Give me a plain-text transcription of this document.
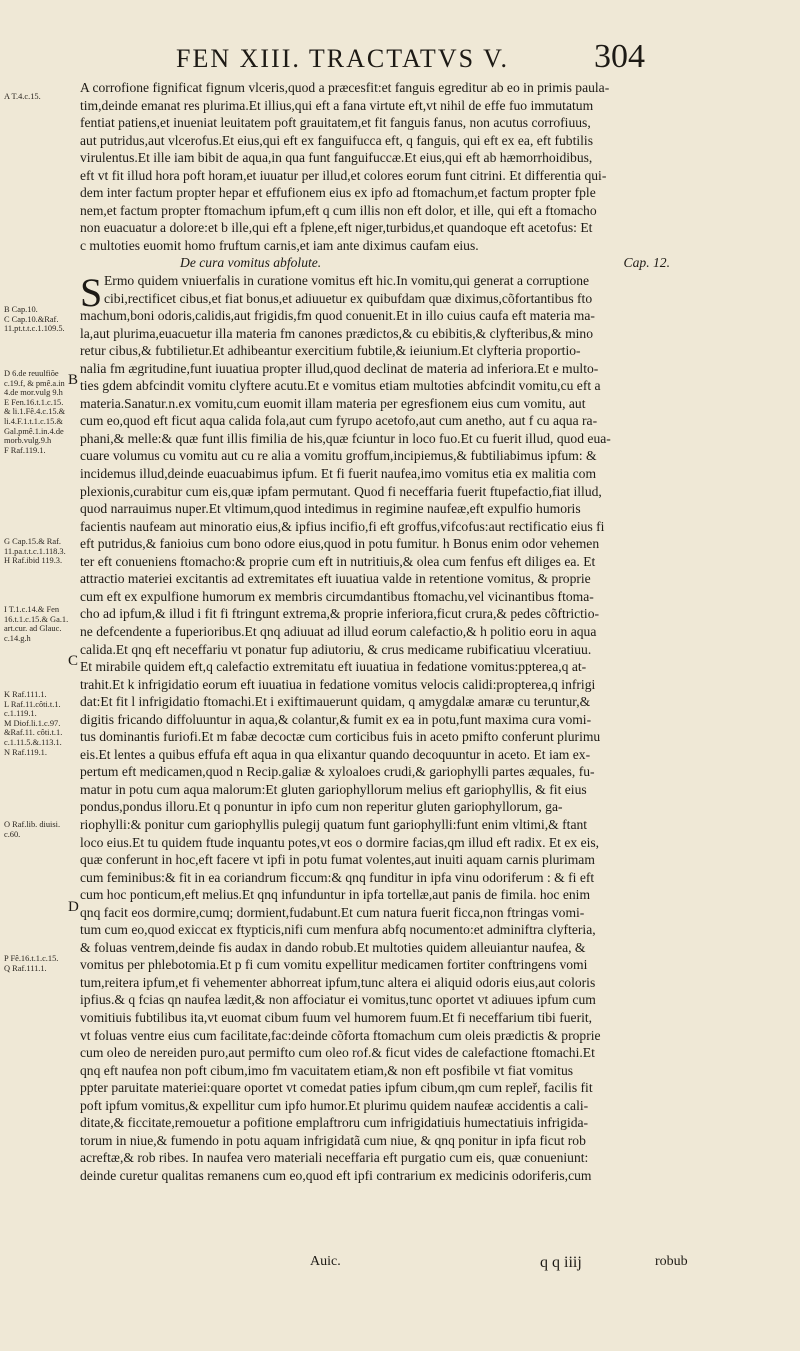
FEN XIII. TRACTATVS V. 304
A T.4.c.15.
B Cap.10.
C Cap.10.&Raf.
11.pt.t.t.c.1.109.5.
D 6.de reuulfiõe
c.19.f, & pmê.a.in
4.de mor.vulg 9.h
E Fen.16.t.1.c.15.
& li.1.Fê.4.c.15.&
li.4.F.1.t.1.c.15.&
Gal.pmê.1.in.4.de
morb.vulg.9.h
F Raf.119.1.
G Cap.15.& Raf.
11.pa.t.t.c.1.118.3.
H Raf.ibid 119.3.
I T.1.c.14.& Fen
16.t.1.c.15.& Ga.1.
art.cur. ad Glauc.
c.14.g.h
K Raf.111.1.
L Raf.11.côti.t.1.
c.1.119.1.
M Diof.li.1.c.97.
&Raf.11. côti.t.1.
c.1.11.5.&.113.1.
N Raf.119.1.
O Raf.lib. diuisi.
c.60.
P Fê.16.t.1.c.15.
Q Raf.111.1.
A corrofione fignificat fignum vlceris,quod a præcesfit:et fanguis egreditur ab eo in primis paula-
tim,deinde emanat res plurima.Et illius,qui eft a fana virtute eft,vt nihil de effe fuo immutatum
fentiat patiens,et inueniat leuitatem poft grauitatem,et fit fanguis fanus, non acutus corrofiuus,
aut putridus,aut vlcerofus.Et eius,qui eft ex fanguifucca eft, q fanguis, qui eft ex ea, eft fubtilis
virulentus.Et ille iam bibit de aqua,in qua funt fanguifuccæ.Et eius,qui eft ab hæmorrhoidibus,
eft vt fit illud hora poft horam,et iuuatur per illud,et colores eorum funt citrini. Et differentia qui-
dem inter factum propter hepar et effufionem eius ex ipfo ad ftomachum,et factum propter fple
nem,et factum propter ftomachum ipfum,eft q cum illis non eft dolor, et ille, qui eft a ftomacho
non euacuatur a dolore:et b ille,qui eft a fplene,eft niger,turbidus,et quandoque eft acetofus: Et
c multoties euomit homo fruftum carnis,et iam ante diximus caufam eius.
De cura vomitus abfolute.	Cap. 12.
Ermo quidem vniuerfalis in curatione vomitus eft hic.In vomitu,qui generat a corruptione
cibi,rectificet cibus,et fiat bonus,et adiuuetur ex quibufdam quæ diximus,cõfortantibus fto
machum,boni odoris,calidis,aut frigidis,fm quod conuenit.Et in illo cuius caufa eft materia ma-
la,aut plurima,euacuetur illa materia fm canones prædictos,& cu ebibitis,& clyfteribus,& mino
retur cibus,& fubtilietur.Et adhibeantur exercitium fubtile,& ieiunium.Et clyfteria proportio-
nalia fm ægritudine,funt iuuatiua propter illud,quod declinat de materia ad inferiora.Et e multo-
ties gdem abfcindit vomitu clyftere acutu.Et e vomitus etiam multoties abfcindit vomitu,cu eft a
materia.Sanatur.n.ex vomitu,cum euomit illam materia per egresfionem eius cum vomitu, aut
cum eo,quod eft ficut aqua calida fola,aut cum fyrupo acetofo,aut cum anetho, aut f cu aqua ra-
phani,& melle:& quæ funt illis fimilia de his,quæ fciuntur in loco fuo.Et cu fuerit illud, quod eua-
cuare volumus cu vomitu aut cu re alia a vomitu groffum,incipiemus,& fubtiliabimus ipfum: &
incidemus illud,deinde euacuabimus ipfum. Et fi fuerit naufea,imo vomitus etia ex malitia com
plexionis,curabitur cum eis,quæ ipfam permutant. Quod fi neceffaria fuerit ftupefactio,fiat illud,
quod narrauimus nuper.Et vltimum,quod intedimus in regimine naufeæ,eft expulfio humoris
facientis naufeam aut minoratio eius,& ipfius incifio,fi eft groffus,vifcofus:aut rectificatio eius fi
eft putridus,& fanioius cum bono odore eius,quod in potu fumitur. h Bonus enim odor vehemen
ter eft conueniens ftomacho:& proprie cum eft in nutritiuis,& olea cum fenfus eft diliges ea. Et
attractio materiei excitantis ad extremitates eft iuuatiua valde in retentione vomitus, & proprie
cum eft ex expulfione humorum ex membris circumdantibus ftomachu,vel vicinantibus ftoma-
cho ad ipfum,& illud i fit fi ftringunt extrema,& proprie inferiora,ficut crura,& pedes cõftrictio-
ne defcendente a fuperioribus.Et qnq adiuuat ad illud eorum calefactio,& h politio eoru in aqua
calida.Et qnq eft neceffariu vt ponatur fup adiutoriu, & crus medicame rubificatiuu vlceratiuu.
Et mirabile quidem eft,q calefactio extremitatu eft iuuatiua in fedatione vomitus:ppterea,q at-
trahit.Et k infrigidatio eorum eft iuuatiua in fedatione vomitus velocis calidi:propterea,q infrigi
dat:Et fit l infrigidatio ftomachi.Et i exiftimauerunt quidam, q amygdalæ amaræ cu teruntur,&
digitis fricando diffoluuntur in aqua,& colantur,& fumit ex ea in potu,funt maxima cura vomi-
tus dominantis furiofi.Et m fabæ decoctæ cum corticibus fuis in aceto pmifto conferunt plurimu
eis.Et lentes a quibus effufa eft aqua in qua elixantur quando decoquuntur in aceto. Et iam ex-
pertum eft medicamen,quod n Recip.galiæ & xyloaloes crudi,& gariophylli partes æquales, fu-
matur in potu cum aqua malorum:Et gluten gariophyllorum melius eft gariophyllis, & fit eius
pondus,pondus illoru.Et q ponuntur in ipfo cum non reperitur gluten gariophyllorum, ga-
riophylli:& ponitur cum gariophyllis pulegij quatum funt gariophylli:funt enim vltimi,& ftant
loco eius.Et tu quidem ftude inquantu potes,vt eos o dormire facias,qm illud eft radix. Et ex eis,
quæ conferunt in hoc,eft facere vt ipfi in potu fumat volentes,aut inuiti aquam carnis plurimam
cum feminibus:& fit in ea coriandrum ficcum:& qnq funditur in ipfa vinu odoriferum : & fi eft
cum hoc ponticum,eft melius.Et qnq infunduntur in ipfa tortellæ,aut panis de fimila. hoc enim
qnq facit eos dormire,cumq; dormient,fudabunt.Et cum natura fuerit ficca,non ftringas vomi-
tum cum eo,quod exiccat ex ftypticis,nifi cum menfura abfq nocumento:et adminiftra clyfteria,
& foluas ventrem,deinde fis audax in dando robub.Et multoties quidem alleuiantur naufea, &
vomitus per phlebotomia.Et p fi cum vomitu expellitur medicamen fortiter conftringens vomi
tum,reitera ipfum,et fi vehementer abhorreat ipfum,tunc altera ei aliquid odoris eius,aut coloris
ipfius.& q fcias qn naufea lædit,& non affociatur ei vomitus,tunc oportet vt adiuues ipfum cum
vomitiuis fubtilibus ita,vt euomat cibum fuum vel humorem fuum.Et fi neceffarium tibi fuerit,
vt foluas ventre eius cum facilitate,fac:deinde cõforta ftomachum cum oleis prædictis & proprie
cum oleo de nereiden puro,aut permifto cum oleo rof.& ficut vides de calefactione ftomachi.Et
qnq eft naufea non poft cibum,imo fm vacuitatem etiam,& non eft posfibile vt fiat vomitus
ppter paruitate materiei:quare oportet vt comedat paties ipfum cibum,qm cum repleř, facilis fit
poft ipfum vomitus,& expellitur cum ipfo humor.Et plurimu quidem naufeæ accidentis a cali-
ditate,& ficcitate,remouetur a pofitione emplaftroru cum infrigidatiuis humectatiuis infrigida-
torum in niue,& fumendo in potu aquam infrigidatã cum niue, & qnq ponitur in ipfa ficut rob
acreftæ,& rob ribes. In naufea vero materiali neceffaria eft purgatio cum eis, quæ conueniunt:
deinde curetur qualitas remanens cum eo,quod eft ipfi contrarium ex medicinis odoriferis,cum
S
B
C
D
Auic.	q q iiij	robub
